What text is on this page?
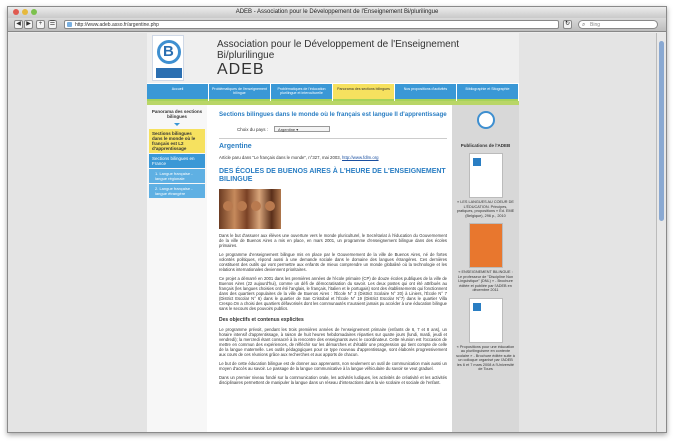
ADEB - Association pour le Développement de l'Enseignement Bi/plurilingue
◀ ▶	+	☰	http://www.adeb.asso.fr/argentine.php	↻	⌕ Bing
B	Association pour le Développement de l'Enseignement Bi/plurilingue
ADEB
Accueil	Problématiques de l'enseignement bilingue
Problématiques de l'éducation plurilingue et interculturelle
Panorama des sections bilingues	Nos propositions d'activités	Bibliographie et Sitographie
Panorama des sections bilingues
Sections bilingues dans le monde où le français est L2 d'apprentissage
Sections bilingues en France
1. Langue française - langue régionale
2. Langue française - langue étrangère
Sections bilingues dans le monde où le français est langue II d'apprentissage
Choix du pays :	Argentine ▾
Argentine
Article paru dans "Le français dans le monde", n°327, mai 2003, http://www.fdlm.org
DES ÉCOLES DE BUENOS AIRES À L'HEURE DE L'ENSEIGNEMENT BILINGUE
Dans le but d'assurer aux élèves une ouverture vers le monde pluriculturel, le Secrétariat à l'éducation du Gouvernement de la ville de Buenos Aires a mis en place, en mars 2001, un programme d'enseignement bilingue dans des écoles primaires.
Le programme d'enseignement bilingue mis en place par le Gouvernement de la ville de Buenos Aires, né de fortes volontés politiques, répond aussi à une demande sociale dans le domaine des langues étrangères. Ces dernières constituent des outils qui vont permettre aux enfants de mieux comprendre un monde globalisé où la technologie et les relations internationales deviennent prioritaires.
Ce projet a démarré en 2001 dans les premières années de l'école primaire (CP) de douze écoles publiques de la ville de Buenos Aires (22 aujourd'hui), comme un défi de démocratisation du savoir. Les deux postes qui ont été attribués au français (les langues choisies ont été l'anglais, le français, l'italien et le portugais) sont des établissements qui fonctionnent dans des quartiers populaires de la ville de Buenos Aires : l'École N° 3 (District Scolaire N° 20) à Liniers, l'École N° 7 (District Escolar N° 6) dans le quartier de San Cristobal et l'École N° 19 (District Escolar N°7) dans le quartier Villa Crespo.On a choisi des quartiers défavorisés dont les communautés n'auraient jamais pu accéder à une éducation bilingue sans le secours des pouvoirs publics.
Des objectifs et contenus explicites
Le programme prévoit, pendant les trois premières années de l'enseignement primaire (enfants de 6, 7 et 8 ans), un horaire intensif d'apprentissage, à raison de huit heures hebdomadaires réparties sur quatre jours (lundi, mardi, jeudi et vendredi); la mercredi étant consacré à la rencontre des enseignants avec le coordinateur. Cette réunion est l'occasion de mettre en commun des expériences, de réfléchir sur les démarches et d'établir une progression qui tient compte de celle de la langue maternelle. Les outils pédagogiques pour ce type nouveau d'apprentissage, sont élaborés progressivement aux cours de ces réunions grâce aux recherches et aux apports de chacun.
Le but de cette éducation bilingue est de donner aux apprenants, non seulement un outil de communication mais aussi un moyen d'accès au savoir. Le passage de la langue communicative à la langue véhiculaire du savoir se veut graduel.
Dans un premier niveau fondé sur la communication orale, les activités ludiques, les activités de créativité et les activités disciplinaires permettent de manipuler la langue dans un réseau d'interactions dans la vie scolaire et sociale de l'enfant.
Publications de l'ADEB
« LES LANGUES AU COEUR DE L'ÉDUCATION. Principes, pratiques, propositions » Ed. EME (Belgique), 296 p., 2010
« ENSEIGNEMENT BILINGUE : Le professeur de "Discipline Non Linguistique" (DNL) » - Brochure éditée et publiée par l'ADEB en décembre 2011
« Propositions pour une éducation au plurilinguisme en contexte scolaire » - Brochure éditée suite à un colloque organisé par l'ADEB les 6 et 7 mars 2008 à l'Université de Tours
